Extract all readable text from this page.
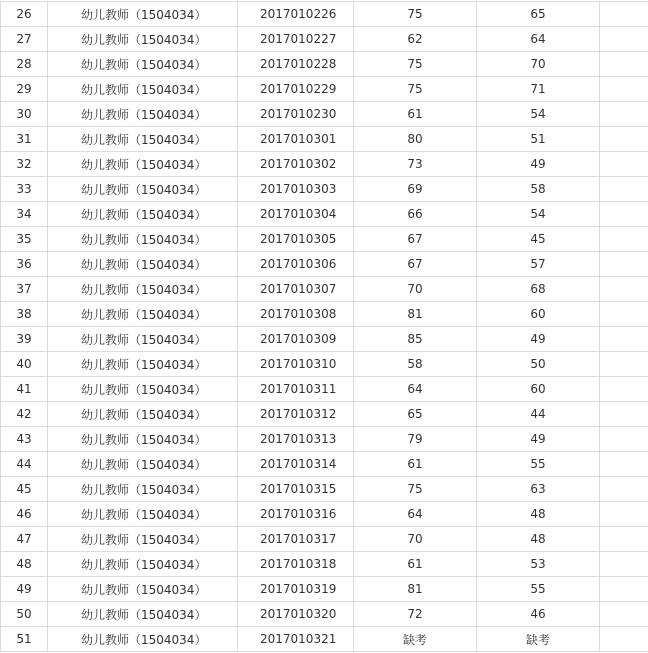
26	幼儿教师（1504034）	2017010226	75	65	
27	幼儿教师（1504034）	2017010227	62	64	
28	幼儿教师（1504034）	2017010228	75	70	
29	幼儿教师（1504034）	2017010229	75	71	
30	幼儿教师（1504034）	2017010230	61	54	
31	幼儿教师（1504034）	2017010301	80	51	
32	幼儿教师（1504034）	2017010302	73	49	
33	幼儿教师（1504034）	2017010303	69	58	
34	幼儿教师（1504034）	2017010304	66	54	
35	幼儿教师（1504034）	2017010305	67	45	
36	幼儿教师（1504034）	2017010306	67	57	
37	幼儿教师（1504034）	2017010307	70	68	
38	幼儿教师（1504034）	2017010308	81	60	
39	幼儿教师（1504034）	2017010309	85	49	
40	幼儿教师（1504034）	2017010310	58	50	
41	幼儿教师（1504034）	2017010311	64	60	
42	幼儿教师（1504034）	2017010312	65	44	
43	幼儿教师（1504034）	2017010313	79	49	
44	幼儿教师（1504034）	2017010314	61	55	
45	幼儿教师（1504034）	2017010315	75	63	
46	幼儿教师（1504034）	2017010316	64	48	
47	幼儿教师（1504034）	2017010317	70	48	
48	幼儿教师（1504034）	2017010318	61	53	
49	幼儿教师（1504034）	2017010319	81	55	
50	幼儿教师（1504034）	2017010320	72	46	
51	幼儿教师（1504034）	2017010321	缺考	缺考	
